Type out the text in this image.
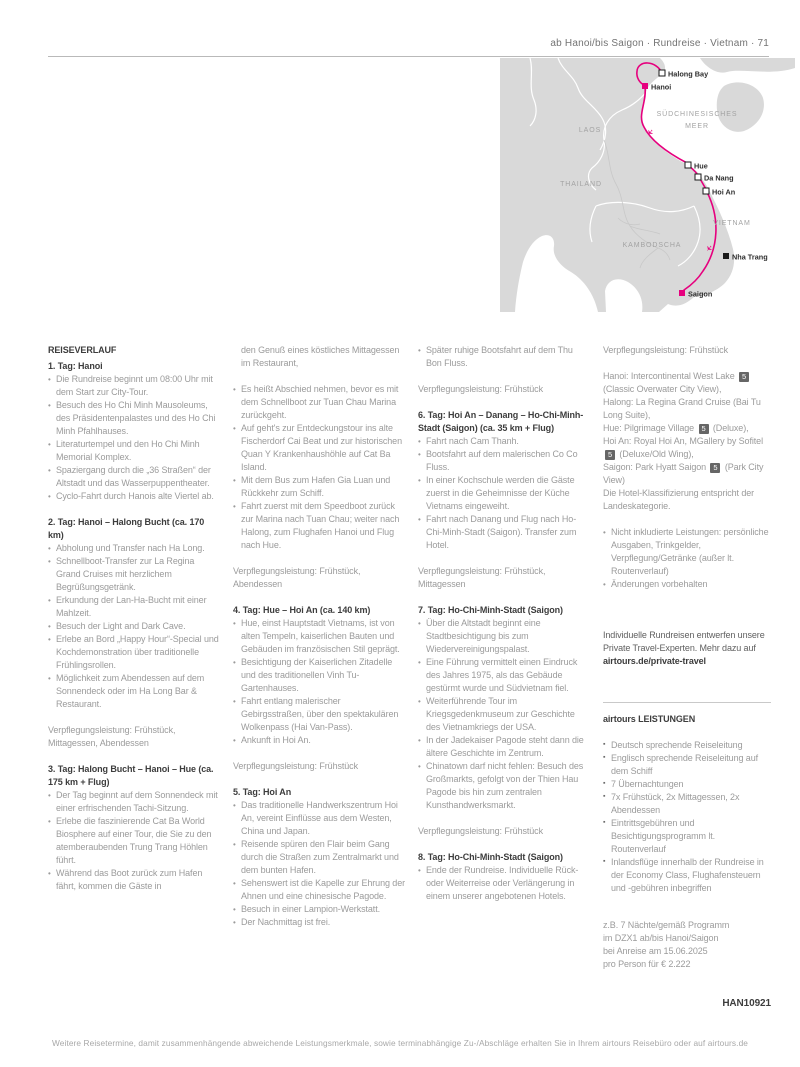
ab Hanoi/bis Saigon · Rundreise · Vietnam · 71
✈
✈
LAOS
THAILAND
KAMBODSCHA
VIETNAM
SÜDCHINESISCHES
MEER
Halong Bay
Hanoi
Hue
Da Nang
Hoi An
Nha Trang
Saigon
REISEVERLAUF
1. Tag: Hanoi
• Die Rundreise beginnt um 08:00 Uhr mit dem Start zur City-Tour.
• Besuch des Ho Chi Minh Mausoleums, des Präsidentenpalastes und des Ho Chi Minh Pfahlhauses.
• Literaturtempel und den Ho Chi Minh Memorial Komplex.
• Spaziergang durch die „36 Straßen“ der Altstadt und das Wasserpuppentheater.
• Cyclo-Fahrt durch Hanois alte Viertel ab.
2. Tag: Hanoi – Halong Bucht (ca. 170 km)
• Abholung und Transfer nach Ha Long.
• Schnellboot-Transfer zur La Regina Grand Cruises mit herzlichem Begrüßungsgetränk.
• Erkundung der Lan-Ha-Bucht mit einer Mahlzeit.
• Besuch der Light and Dark Cave.
• Erlebe an Bord „Happy Hour“-Special und Kochdemonstration über traditionelle Frühlingsrollen.
• Möglichkeit zum Abendessen auf dem Sonnendeck oder im Ha Long Bar & Restaurant.

Verpflegungsleistung: Frühstück, Mittagessen, Abendessen

3. Tag: Halong Bucht – Hanoi – Hue (ca. 175 km + Flug)
• Der Tag beginnt auf dem Sonnendeck mit einer erfrischenden Tachi-Sitzung.
• Erlebe die faszinierende Cat Ba World Biosphere auf einer Tour, die Sie zu den atemberaubenden Trung Trang Höhlen führt.
• Während das Boot zurück zum Hafen fährt, kommen die Gäste in

den Genuß eines köstliches Mittagessen im Restaurant,

• Es heißt Abschied nehmen, bevor es mit dem Schnellboot zur Tuan Chau Marina zurückgeht.
• Auf geht's zur Entdeckungstour ins alte Fischerdorf Cai Beat und zur historischen Quan Y Krankenhaushöhle auf Cat Ba Island.
• Mit dem Bus zum Hafen Gia Luan und Rückkehr zum Schiff.
• Fahrt zuerst mit dem Speedboot zurück zur Marina nach Tuan Chau; weiter nach Halong, zum Flughafen Hanoi und Flug nach Hue.

Verpflegungsleistung: Frühstück, Abendessen

4. Tag: Hue – Hoi An (ca. 140 km)
• Hue, einst Hauptstadt Vietnams, ist von alten Tempeln, kaiserlichen Bauten und Gebäuden im französischen Stil geprägt.
• Besichtigung der Kaiserlichen Zitadelle und des traditionellen Vinh Tu-Gartenhauses.
• Fahrt entlang malerischer Gebirgsstraßen, über den spektakulären Wolkenpass (Hai Van-Pass).
• Ankunft in Hoi An.

Verpflegungsleistung: Frühstück

5. Tag: Hoi An
• Das traditionelle Handwerkszentrum Hoi An, vereint Einflüsse aus dem Westen, China und Japan.
• Reisende spüren den Flair beim Gang durch die Straßen zum Zentralmarkt und dem bunten Hafen.
• Sehenswert ist die Kapelle zur Ehrung der Ahnen und eine chinesische Pagode.
• Besuch in einer Lampion-Werkstatt.
• Der Nachmittag ist frei.
• Später ruhige Bootsfahrt auf dem Thu Bon Fluss.

Verpflegungsleistung: Frühstück

6. Tag: Hoi An – Danang – Ho-Chi-Minh-Stadt (Saigon) (ca. 35 km + Flug)
• Fahrt nach Cam Thanh.
• Bootsfahrt auf dem malerischen Co Co Fluss.
• In einer Kochschule werden die Gäste zuerst in die Geheimnisse der Küche Vietnams eingeweiht.
• Fahrt nach Danang und Flug nach Ho-Chi-Minh-Stadt (Saigon). Transfer zum Hotel.

Verpflegungsleistung: Frühstück, Mittagessen

7. Tag: Ho-Chi-Minh-Stadt (Saigon)
• Über die Altstadt beginnt eine Stadtbesichtigung bis zum Wiedervereinigungspalast.
• Eine Führung vermittelt einen Eindruck des Jahres 1975, als das Gebäude gestürmt wurde und Südvietnam fiel.
• Weiterführende Tour im Kriegsgedenkmuseum zur Geschichte des Vietnamkriegs der USA.
• In der Jadekaiser Pagode steht dann die ältere Geschichte im Zentrum.
• Chinatown darf nicht fehlen: Besuch des Großmarkts, gefolgt von der Thien Hau Pagode bis hin zum zentralen Kunsthandwerksmarkt.

Verpflegungsleistung: Frühstück

8. Tag: Ho-Chi-Minh-Stadt (Saigon)
• Ende der Rundreise. Individuelle Rück- oder Weiterreise oder Verlängerung in einem unserer angebotenen Hotels.

Verpflegungsleistung: Frühstück

Hanoi: Intercontinental West Lake 5 (Classic Overwater City View),
Halong: La Regina Grand Cruise (Bai Tu Long Suite),
Hue: Pilgrimage Village 5 (Deluxe),
Hoi An: Royal Hoi An, MGallery by Sofitel 5 (Deluxe/Old Wing),
Saigon: Park Hyatt Saigon 5 (Park City View)
Die Hotel-Klassifizierung entspricht der Landeskategorie.
• Nicht inkludierte Leistungen: persönliche Ausgaben, Trinkgelder, Verpflegung/Getränke (außer lt. Routenverlauf)
• Änderungen vorbehalten

Individuelle Rundreisen entwerfen unsere Private Travel-Experten. Mehr dazu auf

airtours.de/private-travel
airtours LEISTUNGEN
▪ Deutsch sprechende Reiseleitung
▪ Englisch sprechende Reiseleitung auf dem Schiff
▪ 7 Übernachtungen
▪ 7x Frühstück, 2x Mittagessen, 2x Abendessen
▪ Eintrittsgebühren und Besichtigungsprogramm lt. Routenverlauf
▪ Inlandsflüge innerhalb der Rundreise in der Economy Class, Flughafensteuern und -gebühren inbegriffen
z.B. 7 Nächte/gemäß Programm
im DZX1 ab/bis Hanoi/Saigon
bei Anreise am 15.06.2025
pro Person für € 2.222
HAN10921
Weitere Reisetermine, damit zusammenhängende abweichende Leistungsmerkmale, sowie terminabhängige Zu-/Abschläge erhalten Sie in Ihrem airtours Reisebüro oder auf airtours.de
